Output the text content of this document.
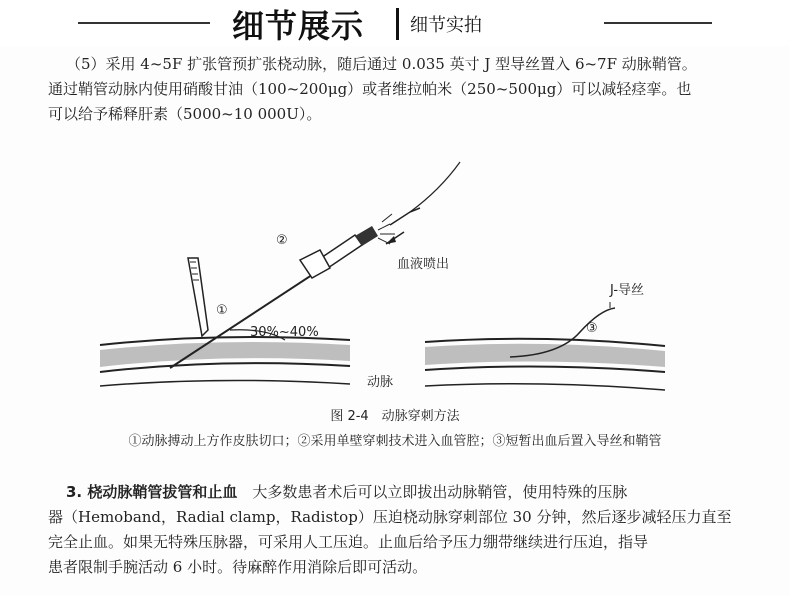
细节展示	细节实拍
（5）采用 4~5F 扩张管预扩张桡动脉，随后通过 0.035 英寸 J 型导丝置入 6~7F 动脉鞘管。
通过鞘管动脉内使用硝酸甘油（100~200μg）或者维拉帕米（250~500μg）可以减轻痉挛。也
可以给予稀释肝素（5000~10 000U）。
①
②
③
30%~40%
血液喷出
J-导丝
动脉
图 2-4　动脉穿刺方法
①动脉搏动上方作皮肤切口；②采用单壁穿刺技术进入血管腔；③短暂出血后置入导丝和鞘管
3. 桡动脉鞘管拔管和止血　大多数患者术后可以立即拔出动脉鞘管，使用特殊的压脉
器（Hemoband，Radial clamp，Radistop）压迫桡动脉穿刺部位 30 分钟，然后逐步减轻压力直至
完全止血。如果无特殊压脉器，可采用人工压迫。止血后给予压力绷带继续进行压迫，指导
患者限制手腕活动 6 小时。待麻醉作用消除后即可活动。
